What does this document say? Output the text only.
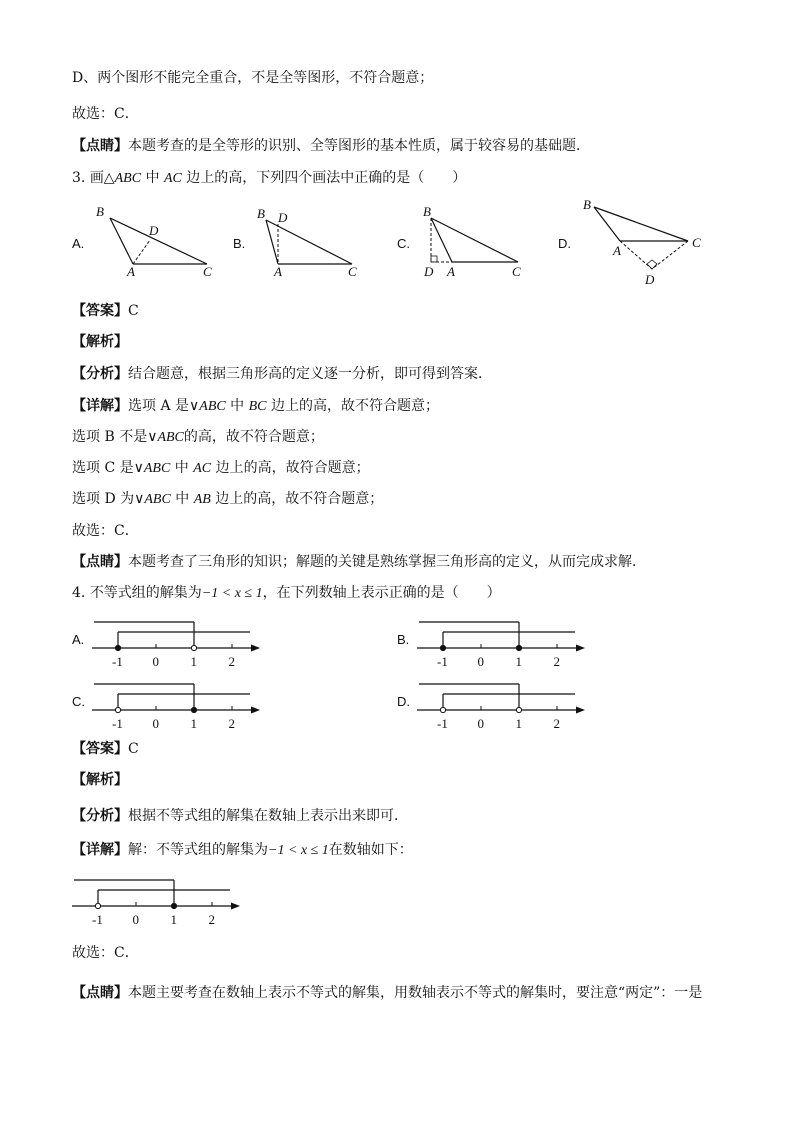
D、两个图形不能完全重合，不是全等图形，不符合题意；
故选：C．
【点睛】本题考查的是全等形的识别、全等图形的基本性质，属于较容易的基础题．
3. 画△ABC 中 AC 边上的高，下列四个画法中正确的是（　　）
A.	B.	C.	D.
B
D
A	C
B D
A	C
B
D A	C
B
A
C
D
【答案】C
【解析】
【分析】结合题意，根据三角形高的定义逐一分析，即可得到答案．
【详解】选项 A 是∨ABC 中 BC 边上的高，故不符合题意；
选项 B 不是∨ABC的高，故不符合题意；
选项 C 是∨ABC 中 AC 边上的高，故符合题意；
选项 D 为∨ABC 中 AB 边上的高，故不符合题意；
故选：C．
【点睛】本题考查了三角形的知识；解题的关键是熟练掌握三角形高的定义，从而完成求解．
4. 不等式组的解集为−1 < x ≤ 1，在下列数轴上表示正确的是（　　）
A.	B.
C.	D.
-1 0 1 2	-1 0 1 2
-1 0 1 2	-1 0 1 2
【答案】C
【解析】
【分析】根据不等式组的解集在数轴上表示出来即可．
【详解】解：不等式组的解集为−1 < x ≤ 1在数轴如下：
-1 0 1 2
故选：C．
【点睛】本题主要考查在数轴上表示不等式的解集，用数轴表示不等式的解集时，要注意“两定”：一是
